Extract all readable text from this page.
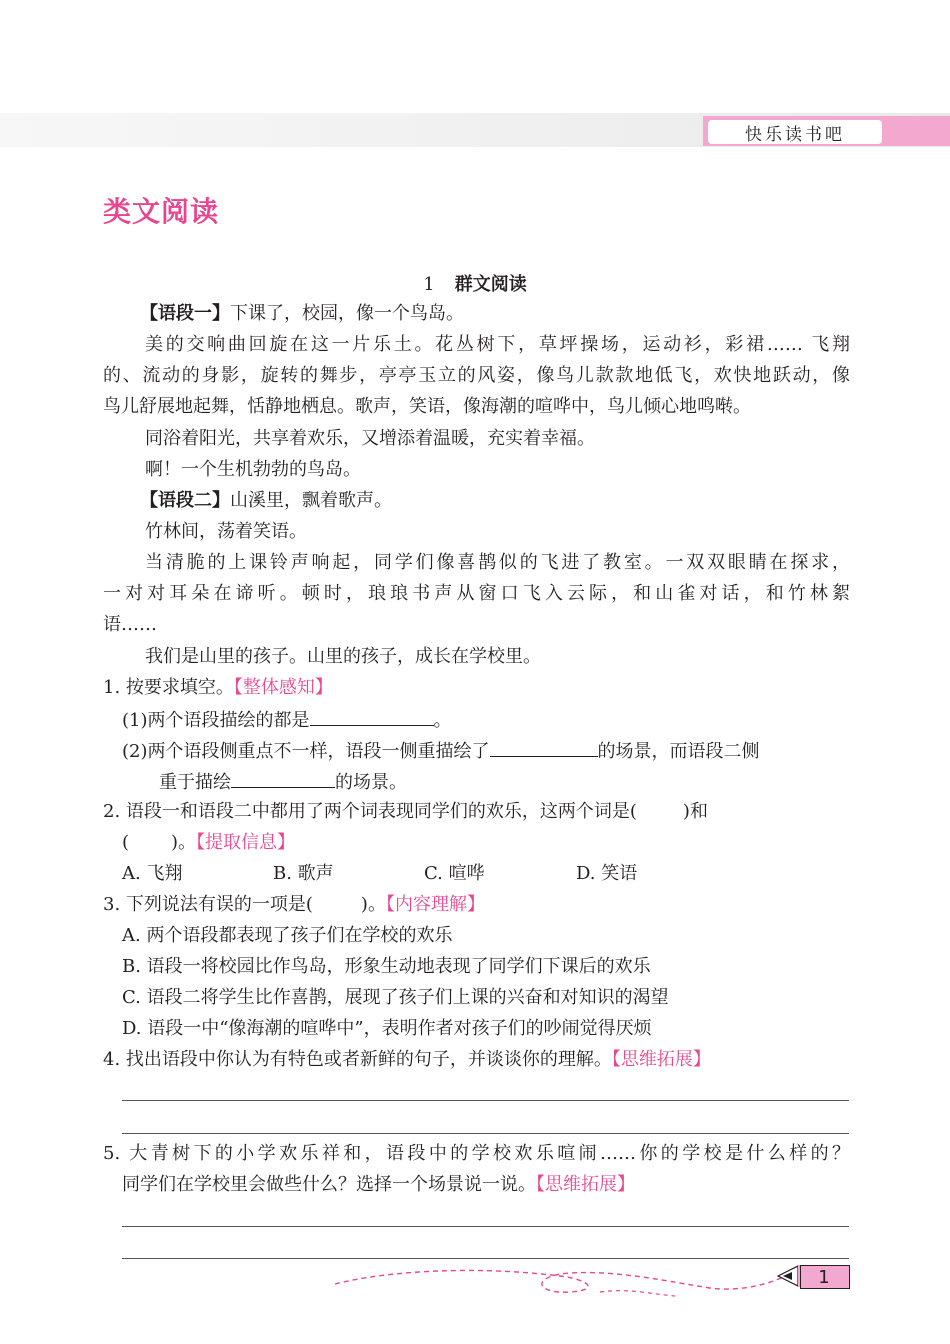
快乐读书吧
类文阅读
1 群文阅读
【语段一】下课了，校园，像一个鸟岛。
美的交响曲回旋在这一片乐土。花丛树下，草坪操场，运动衫，彩裙…… 飞翔
的、流动的身影，旋转的舞步，亭亭玉立的风姿，像鸟儿款款地低飞，欢快地跃动，像
鸟儿舒展地起舞，恬静地栖息。歌声，笑语，像海潮的喧哗中，鸟儿倾心地鸣啭。
同浴着阳光，共享着欢乐，又增添着温暖，充实着幸福。
啊！一个生机勃勃的鸟岛。
【语段二】山溪里，飘着歌声。
竹林间，荡着笑语。
当清脆的上课铃声响起，同学们像喜鹊似的飞进了教室。一双双眼睛在探求，
一对对耳朵在谛听。顿时，琅琅书声从窗口飞入云际，和山雀对话，和竹林絮
语……
我们是山里的孩子。山里的孩子，成长在学校里。
1. 按要求填空。【整体感知】
(1)两个语段描绘的都是	。
(2)两个语段侧重点不一样，语段一侧重描绘了	的场景，而语段二侧
重于描绘	的场景。
2. 语段一和语段二中都用了两个词表现同学们的欢乐，这两个词是(	)和
( )。【提取信息】
A. 飞翔	B. 歌声	C. 喧哗	D. 笑语
3. 下列说法有误的一项是(	)。【内容理解】
A. 两个语段都表现了孩子们在学校的欢乐
B. 语段一将校园比作鸟岛，形象生动地表现了同学们下课后的欢乐
C. 语段二将学生比作喜鹊，展现了孩子们上课的兴奋和对知识的渴望
D. 语段一中“像海潮的喧哗中”，表明作者对孩子们的吵闹觉得厌烦
4. 找出语段中你认为有特色或者新鲜的句子，并谈谈你的理解。【思维拓展】
5. 大青树下的小学欢乐祥和，语段中的学校欢乐喧闹……你的学校是什么样的？
同学们在学校里会做些什么？选择一个场景说一说。【思维拓展】
1
